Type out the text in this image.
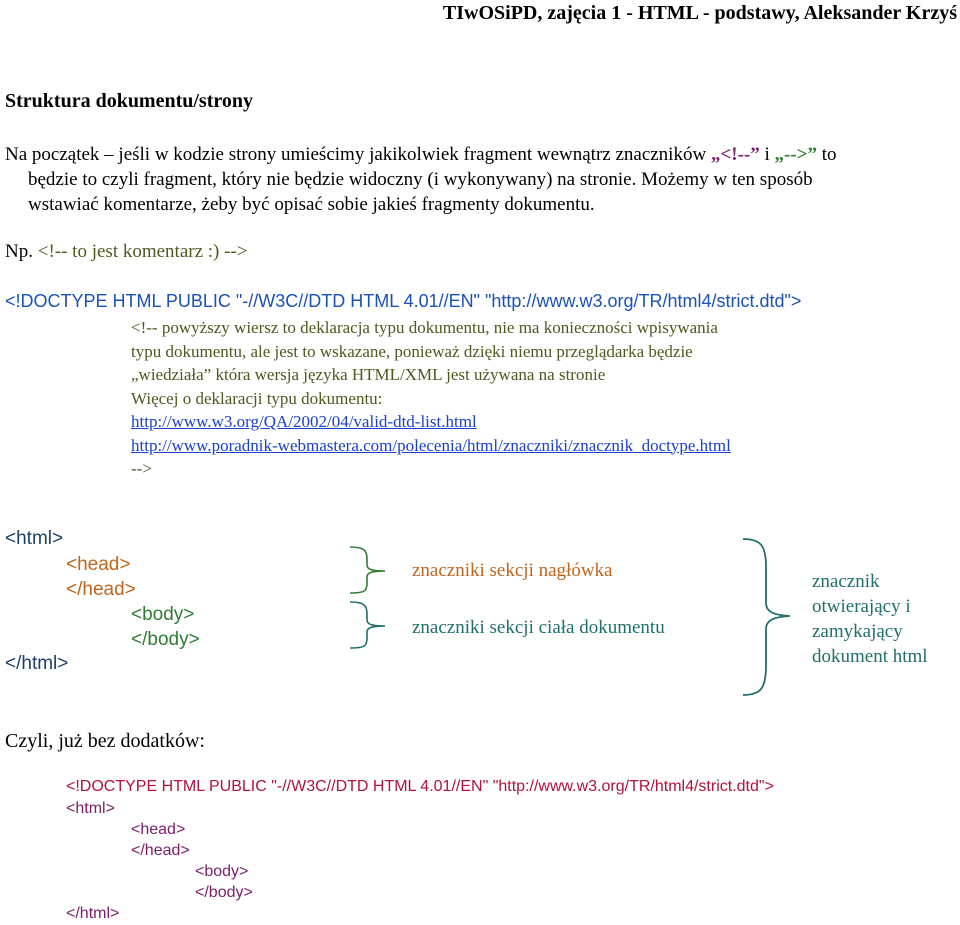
TIwOSiPD, zajęcia 1 - HTML - podstawy, Aleksander Krzyś
Struktura dokumentu/strony
Na początek – jeśli w kodzie strony umieścimy jakikolwiek fragment wewnątrz znaczników „<!--” i „-->” to
będzie to czyli fragment, który nie będzie widoczny (i wykonywany) na stronie. Możemy w ten sposób
wstawiać komentarze, żeby być opisać sobie jakieś fragmenty dokumentu.
Np. <!-- to jest komentarz :) -->
<!DOCTYPE HTML PUBLIC "-//W3C//DTD HTML 4.01//EN" "http://www.w3.org/TR/html4/strict.dtd">
<!-- powyższy wiersz to deklaracja typu dokumentu, nie ma konieczności wpisywania
typu dokumentu, ale jest to wskazane, ponieważ dzięki niemu przeglądarka będzie
„wiedziała” która wersja języka HTML/XML jest używana na stronie
Więcej o deklaracji typu dokumentu:
http://www.w3.org/QA/2002/04/valid-dtd-list.html
http://www.poradnik-webmastera.com/polecenia/html/znaczniki/znacznik_doctype.html
-->
<html>
<head>
</head>
<body>
</body>
</html>
znaczniki sekcji nagłówka
znaczniki sekcji ciała dokumentu
znacznik otwierający i zamykający dokument html
Czyli, już bez dodatków:
<!DOCTYPE HTML PUBLIC "-//W3C//DTD HTML 4.01//EN" "http://www.w3.org/TR/html4/strict.dtd">
<html>
<head>
</head>
<body>
</body>
</html>
